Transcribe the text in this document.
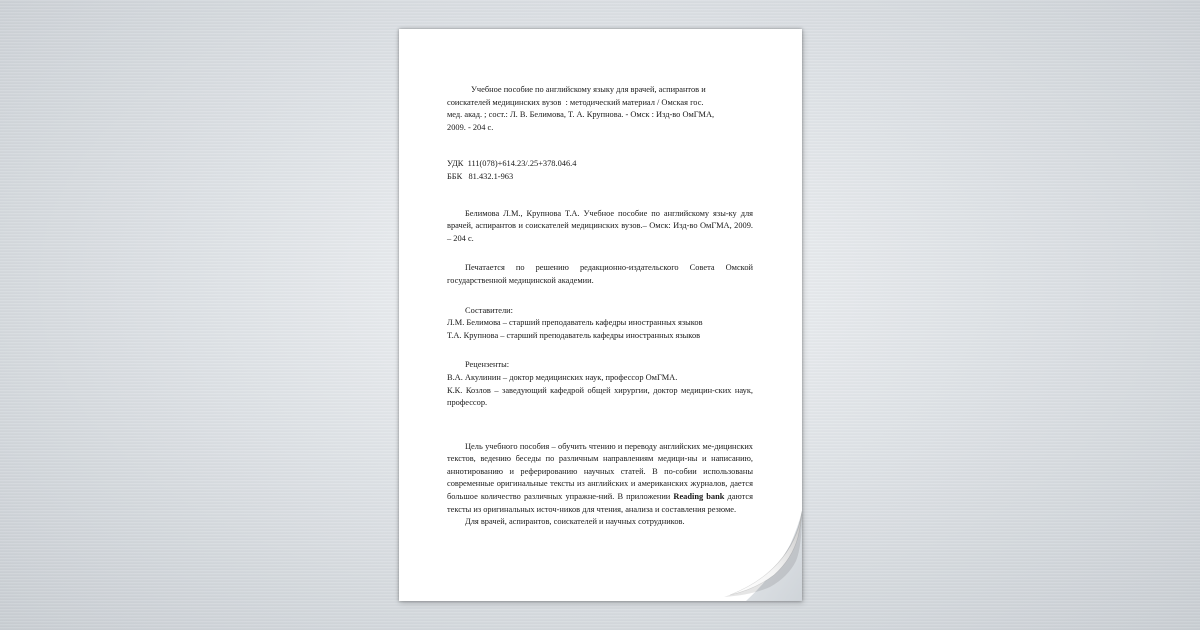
Учебное пособие по английскому языку для врачей, аспирантов и

соискателей медицинских вузов  : методический материал / Омская гос.

мед. акад. ; сост.: Л. В. Белимова, Т. А. Крупнова. - Омск : Изд-во ОмГМА,

2009. - 204 с.

УДК  111(078)+614.23/.25+378.046.4

ББК   81.432.1-963

Белимова Л.М., Крупнова Т.А. Учебное пособие по английскому язы-ку для врачей, аспирантов и соискателей медицинских вузов.– Омск: Изд-во ОмГМА, 2009. – 204 с.

Печатается по решению редакционно-издательского Совета Омской государственной медицинской академии.

Составители:

Л.М. Белимова – старший преподаватель кафедры иностранных языков

Т.А. Крупнова – старший преподаватель кафедры иностранных языков

Рецензенты:

В.А. Акулинин – доктор медицинских наук, профессор ОмГМА.

К.К. Козлов – заведующий кафедрой общей хирургии, доктор медицин-ских наук, профессор.

Цель учебного пособия – обучить чтению и переводу английских ме-дицинских текстов, ведению беседы по различным направлениям медици-ны и написанию, аннотированию и реферированию научных статей. В по-собии использованы современные оригинальные тексты из английских и американских журналов, дается большое количество различных упражне-ний. В приложении Reading bank даются тексты из оригинальных источ-ников для чтения, анализа и составления резюме.

Для врачей, аспирантов, соискателей и научных сотрудников.
